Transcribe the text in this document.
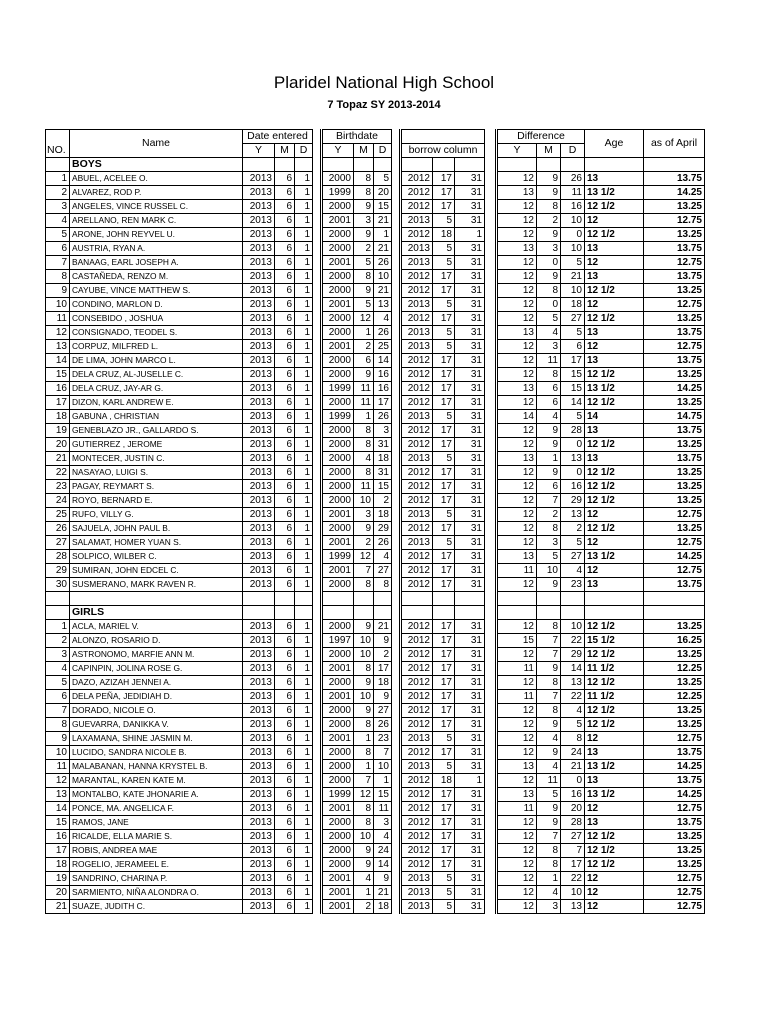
Plaridel National High School
7 Topaz SY 2013-2014
NO.	Name	Date entered				Birthdate								Difference			Age	as of April
		Y	M	D		Y	M	D		borrow column				Y	M	D		
	BOYS																	
1	ABUEL, ACELEE O.	2013	6	1		2000	8	5		2012	17	31		12	9	26	13	13.75
2	ALVAREZ, ROD P.	2013	6	1		1999	8	20		2012	17	31		13	9	11	13 1/2	14.25
3	ANGELES, VINCE RUSSEL C.	2013	6	1		2000	9	15		2012	17	31		12	8	16	12 1/2	13.25
4	ARELLANO, REN MARK C.	2013	6	1		2001	3	21		2013	5	31		12	2	10	12	12.75
5	ARONE, JOHN REYVEL U.	2013	6	1		2000	9	1		2012	18	1		12	9	0	12 1/2	13.25
6	AUSTRIA, RYAN A.	2013	6	1		2000	2	21		2013	5	31		13	3	10	13	13.75
7	BANAAG, EARL JOSEPH A.	2013	6	1		2001	5	26		2013	5	31		12	0	5	12	12.75
8	CASTAÑEDA, RENZO M.	2013	6	1		2000	8	10		2012	17	31		12	9	21	13	13.75
9	CAYUBE, VINCE MATTHEW S.	2013	6	1		2000	9	21		2012	17	31		12	8	10	12 1/2	13.25
10	CONDINO, MARLON D.	2013	6	1		2001	5	13		2013	5	31		12	0	18	12	12.75
11	CONSEBIDO , JOSHUA	2013	6	1		2000	12	4		2012	17	31		12	5	27	12 1/2	13.25
12	CONSIGNADO, TEODEL S.	2013	6	1		2000	1	26		2013	5	31		13	4	5	13	13.75
13	CORPUZ, MILFRED L.	2013	6	1		2001	2	25		2013	5	31		12	3	6	12	12.75
14	DE LIMA, JOHN MARCO L.	2013	6	1		2000	6	14		2012	17	31		12	11	17	13	13.75
15	DELA CRUZ, AL-JUSELLE C.	2013	6	1		2000	9	16		2012	17	31		12	8	15	12 1/2	13.25
16	DELA CRUZ, JAY-AR G.	2013	6	1		1999	11	16		2012	17	31		13	6	15	13 1/2	14.25
17	DIZON, KARL ANDREW E.	2013	6	1		2000	11	17		2012	17	31		12	6	14	12 1/2	13.25
18	GABUNA , CHRISTIAN	2013	6	1		1999	1	26		2013	5	31		14	4	5	14	14.75
19	GENEBLAZO JR., GALLARDO S.	2013	6	1		2000	8	3		2012	17	31		12	9	28	13	13.75
20	GUTIERREZ , JEROME	2013	6	1		2000	8	31		2012	17	31		12	9	0	12 1/2	13.25
21	MONTECER, JUSTIN C.	2013	6	1		2000	4	18		2013	5	31		13	1	13	13	13.75
22	NASAYAO, LUIGI S.	2013	6	1		2000	8	31		2012	17	31		12	9	0	12 1/2	13.25
23	PAGAY, REYMART S.	2013	6	1		2000	11	15		2012	17	31		12	6	16	12 1/2	13.25
24	ROYO, BERNARD E.	2013	6	1		2000	10	2		2012	17	31		12	7	29	12 1/2	13.25
25	RUFO, VILLY G.	2013	6	1		2001	3	18		2013	5	31		12	2	13	12	12.75
26	SAJUELA, JOHN PAUL B.	2013	6	1		2000	9	29		2012	17	31		12	8	2	12 1/2	13.25
27	SALAMAT, HOMER YUAN S.	2013	6	1		2001	2	26		2013	5	31		12	3	5	12	12.75
28	SOLPICO, WILBER C.	2013	6	1		1999	12	4		2012	17	31		13	5	27	13 1/2	14.25
29	SUMIRAN, JOHN EDCEL C.	2013	6	1		2001	7	27		2012	17	31		11	10	4	12	12.75
30	SUSMERANO, MARK RAVEN R.	2013	6	1		2000	8	8		2012	17	31		12	9	23	13	13.75

	GIRLS																	
1	ACLA, MARIEL V.	2013	6	1		2000	9	21		2012	17	31		12	8	10	12 1/2	13.25
2	ALONZO, ROSARIO D.	2013	6	1		1997	10	9		2012	17	31		15	7	22	15 1/2	16.25
3	ASTRONOMO, MARFIE ANN M.	2013	6	1		2000	10	2		2012	17	31		12	7	29	12 1/2	13.25
4	CAPINPIN, JOLINA ROSE G.	2013	6	1		2001	8	17		2012	17	31		11	9	14	11 1/2	12.25
5	DAZO, AZIZAH JENNEI A.	2013	6	1		2000	9	18		2012	17	31		12	8	13	12 1/2	13.25
6	DELA PEÑA, JEDIDIAH D.	2013	6	1		2001	10	9		2012	17	31		11	7	22	11 1/2	12.25
7	DORADO, NICOLE O.	2013	6	1		2000	9	27		2012	17	31		12	8	4	12 1/2	13.25
8	GUEVARRA, DANIKKA V.	2013	6	1		2000	8	26		2012	17	31		12	9	5	12 1/2	13.25
9	LAXAMANA, SHINE JASMIN M.	2013	6	1		2001	1	23		2013	5	31		12	4	8	12	12.75
10	LUCIDO, SANDRA NICOLE B.	2013	6	1		2000	8	7		2012	17	31		12	9	24	13	13.75
11	MALABANAN, HANNA KRYSTEL B.	2013	6	1		2000	1	10		2013	5	31		13	4	21	13 1/2	14.25
12	MARANTAL, KAREN KATE M.	2013	6	1		2000	7	1		2012	18	1		12	11	0	13	13.75
13	MONTALBO, KATE JHONARIE A.	2013	6	1		1999	12	15		2012	17	31		13	5	16	13 1/2	14.25
14	PONCE, MA. ANGELICA F.	2013	6	1		2001	8	11		2012	17	31		11	9	20	12	12.75
15	RAMOS, JANE	2013	6	1		2000	8	3		2012	17	31		12	9	28	13	13.75
16	RICALDE, ELLA MARIE S.	2013	6	1		2000	10	4		2012	17	31		12	7	27	12 1/2	13.25
17	ROBIS, ANDREA MAE	2013	6	1		2000	9	24		2012	17	31		12	8	7	12 1/2	13.25
18	ROGELIO, JERAMEEL E.	2013	6	1		2000	9	14		2012	17	31		12	8	17	12 1/2	13.25
19	SANDRINO, CHARINA P.	2013	6	1		2001	4	9		2013	5	31		12	1	22	12	12.75
20	SARMIENTO, NIÑA ALONDRA O.	2013	6	1		2001	1	21		2013	5	31		12	4	10	12	12.75
21	SUAZE, JUDITH C.	2013	6	1		2001	2	18		2013	5	31		12	3	13	12	12.75
